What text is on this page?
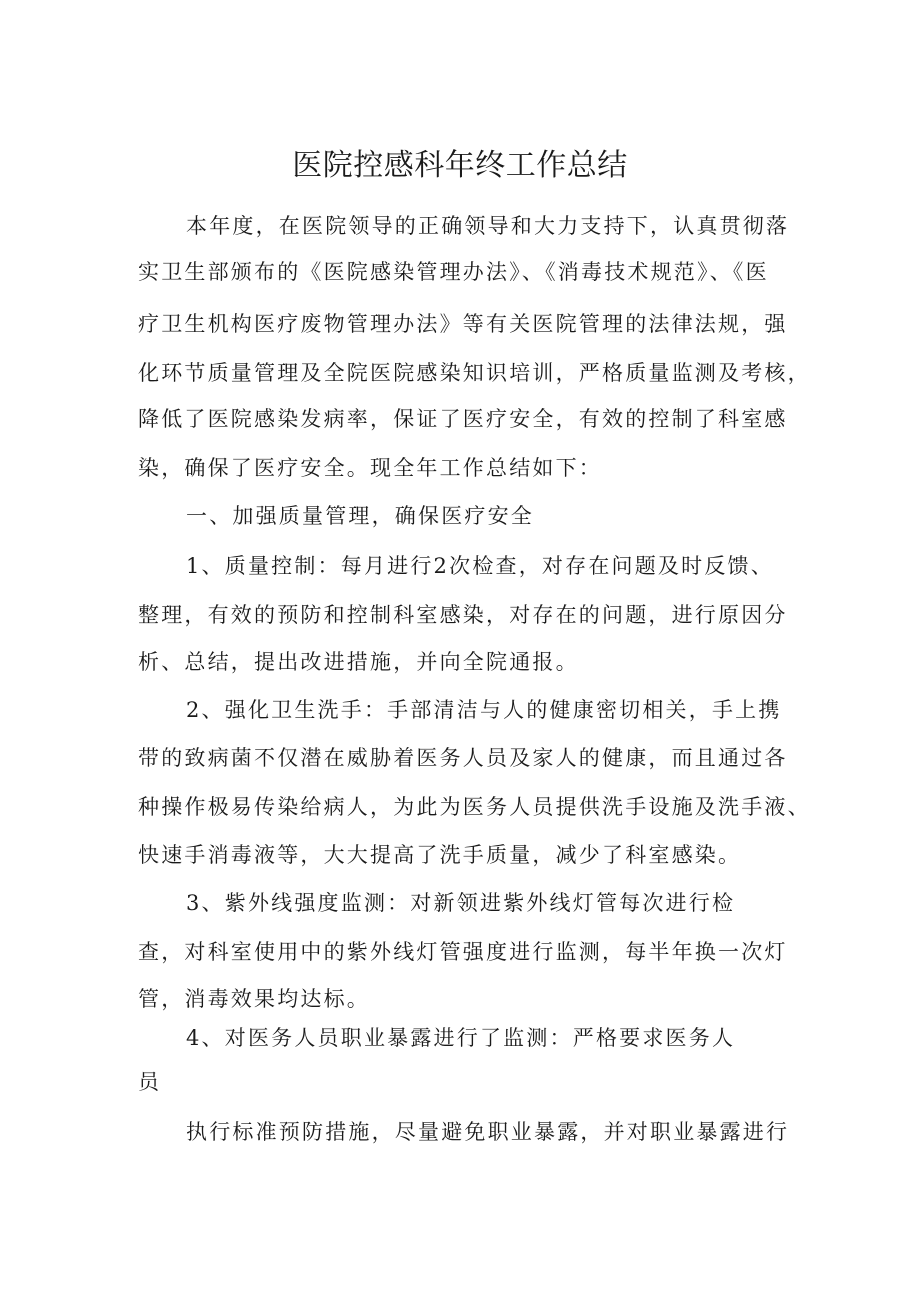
医院控感科年终工作总结
本年度，在医院领导的正确领导和大力支持下，认真贯彻落
实卫生部颁布的《医院感染管理办法》、《消毒技术规范》、《医
疗卫生机构医疗废物管理办法》等有关医院管理的法律法规，强
化环节质量管理及全院医院感染知识培训，严格质量监测及考核，
降低了医院感染发病率，保证了医疗安全，有效的控制了科室感
染，确保了医疗安全。现全年工作总结如下：
一、加强质量管理，确保医疗安全
1、质量控制：每月进行2次检查，对存在问题及时反馈、
整理，有效的预防和控制科室感染，对存在的问题，进行原因分
析、总结，提出改进措施，并向全院通报。
2、强化卫生洗手：手部清洁与人的健康密切相关，手上携
带的致病菌不仅潜在威胁着医务人员及家人的健康，而且通过各
种操作极易传染给病人，为此为医务人员提供洗手设施及洗手液、
快速手消毒液等，大大提高了洗手质量，减少了科室感染。
3、紫外线强度监测：对新领进紫外线灯管每次进行检
查，对科室使用中的紫外线灯管强度进行监测，每半年换一次灯
管，消毒效果均达标。
4、对医务人员职业暴露进行了监测：严格要求医务人
员
执行标准预防措施，尽量避免职业暴露，并对职业暴露进行
